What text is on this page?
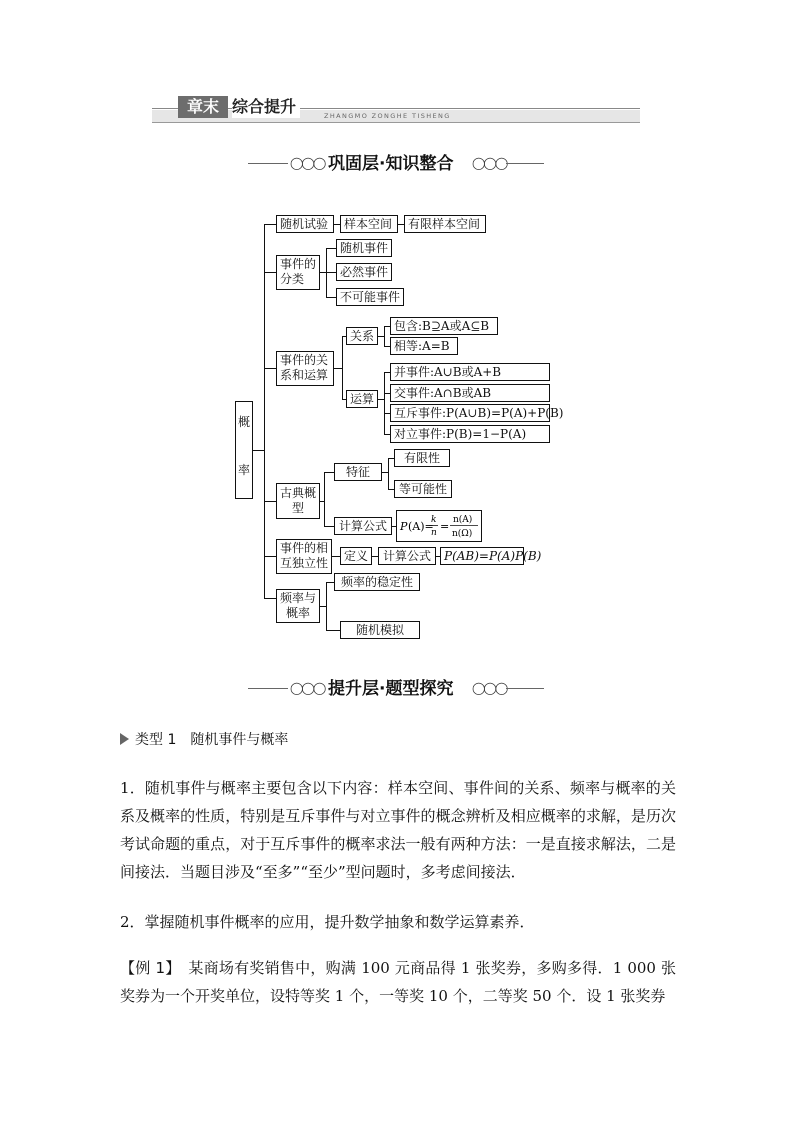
ZHANGMO ZONGHE TISHENG
章末 综合提升
◯◯◯ 巩固层·知识整合 ◯◯◯
概
率
随机试验	样本空间	有限样本空间
事件的分类
随机事件
必然事件
不可能事件
事件的关系和运算
关系
包含:B⊇A或A⊆B
相等:A=B
运算
并事件:A∪B或A+B
交事件:A∩B或AB
互斥事件:P(A∪B)=P(A)+P(B)
对立事件:P(B)=1−P(A)
古典概型
特征
有限性
等可能性
计算公式	P (A)=
k
n = n(A)
n(Ω)
事件的相互独立性	定义	计算公式	P(AB)=P(A)P(B)
频率与概率
频率的稳定性
随机模拟
◯◯◯ 提升层·题型探究 ◯◯◯
类型 1　随机事件与概率
1．随机事件与概率主要包含以下内容：样本空间、事件间的关系、频率与概率的关系及概率的性质，特别是互斥事件与对立事件的概念辨析及相应概率的求解，是历次考试命题的重点，对于互斥事件的概率求法一般有两种方法：一是直接求解法，二是间接法．当题目涉及“至多”“至少”型问题时，多考虑间接法．
2．掌握随机事件概率的应用，提升数学抽象和数学运算素养．
【例 1】　某商场有奖销售中，购满 100 元商品得 1 张奖券，多购多得．1 000 张奖券为一个开奖单位，设特等奖 1 个，一等奖 10 个，二等奖 50 个．设 1 张奖券
